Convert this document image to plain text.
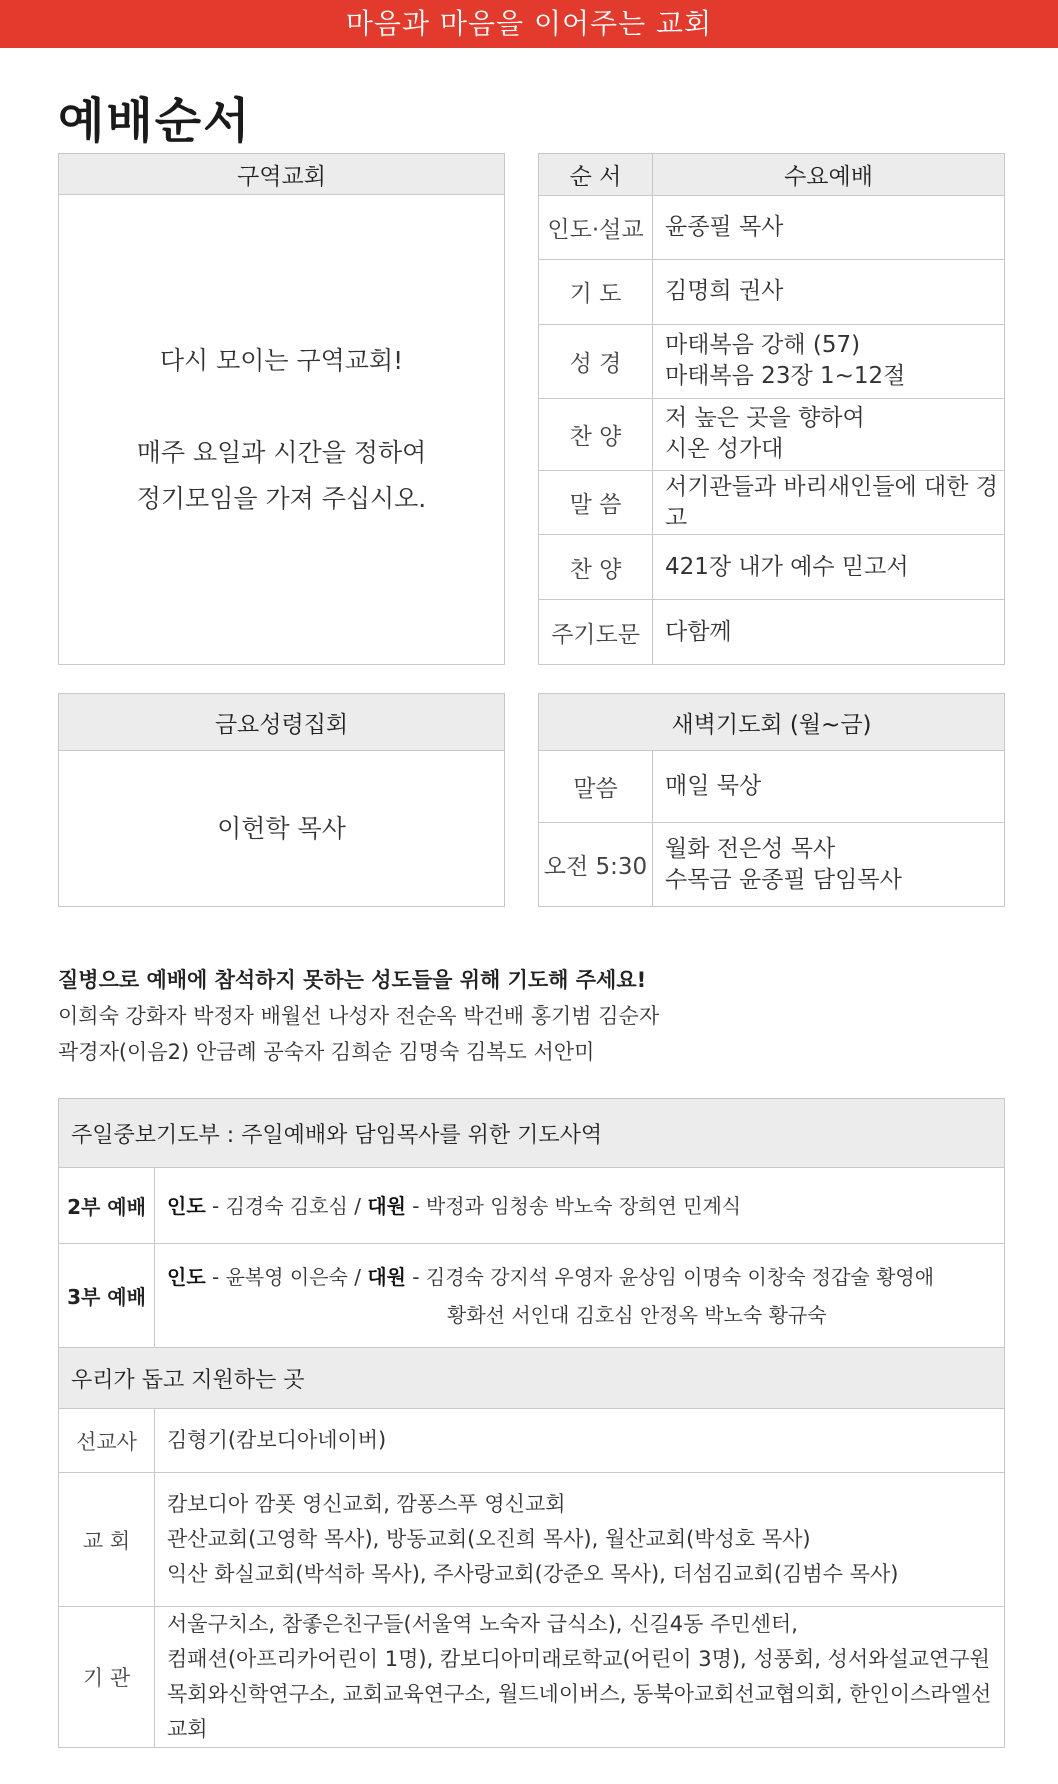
마음과 마음을 이어주는 교회
예배순서
구역교회
다시 모이는 구역교회!

매주 요일과 시간을 정하여
정기모임을 가져 주십시오.
순 서	수요예배
인도·설교	윤종필 목사
기 도	김명희 권사
성 경	마태복음 강해 (57)
마태복음 23장 1~12절
찬 양	저 높은 곳을 향하여
시온 성가대
말 씀	서기관들과 바리새인들에 대한 경고
찬 양	421장 내가 예수 믿고서
주기도문	다함께
금요성령집회
이헌학 목사
새벽기도회 (월~금)	
말씀	매일 묵상
오전 5:30	월화 전은성 목사
수목금 윤종필 담임목사
질병으로 예배에 참석하지 못하는 성도들을 위해 기도해 주세요!
이희숙 강화자 박정자 배월선 나성자 전순옥 박건배 홍기범 김순자
곽경자(이음2) 안금례 공숙자 김희순 김명숙 김복도 서안미
주일중보기도부 : 주일예배와 담임목사를 위한 기도사역	
2부 예배	인도 - 김경숙 김호심 / 대원 - 박정과 임청송 박노숙 장희연 민계식
3부 예배	인도 - 윤복영 이은숙 / 대원 - 김경숙 강지석 우영자 윤상임 이명숙 이창숙 정갑술 황영애
황화선 서인대 김호심 안정옥 박노숙 황규숙

우리가 돕고 지원하는 곳	
선교사	김형기(캄보디아네이버)
교 회	캄보디아 깜폿 영신교회, 깜퐁스푸 영신교회
관산교회(고영학 목사), 방동교회(오진희 목사), 월산교회(박성호 목사)
익산 화실교회(박석하 목사), 주사랑교회(강준오 목사), 더섬김교회(김범수 목사)
기 관	서울구치소, 참좋은친구들(서울역 노숙자 급식소), 신길4동 주민센터,
컴패션(아프리카어린이 1명), 캄보디아미래로학교(어린이 3명), 성풍회, 성서와설교연구원
목회와신학연구소, 교회교육연구소, 월드네이버스, 동북아교회선교협의회, 한인이스라엘선교회
